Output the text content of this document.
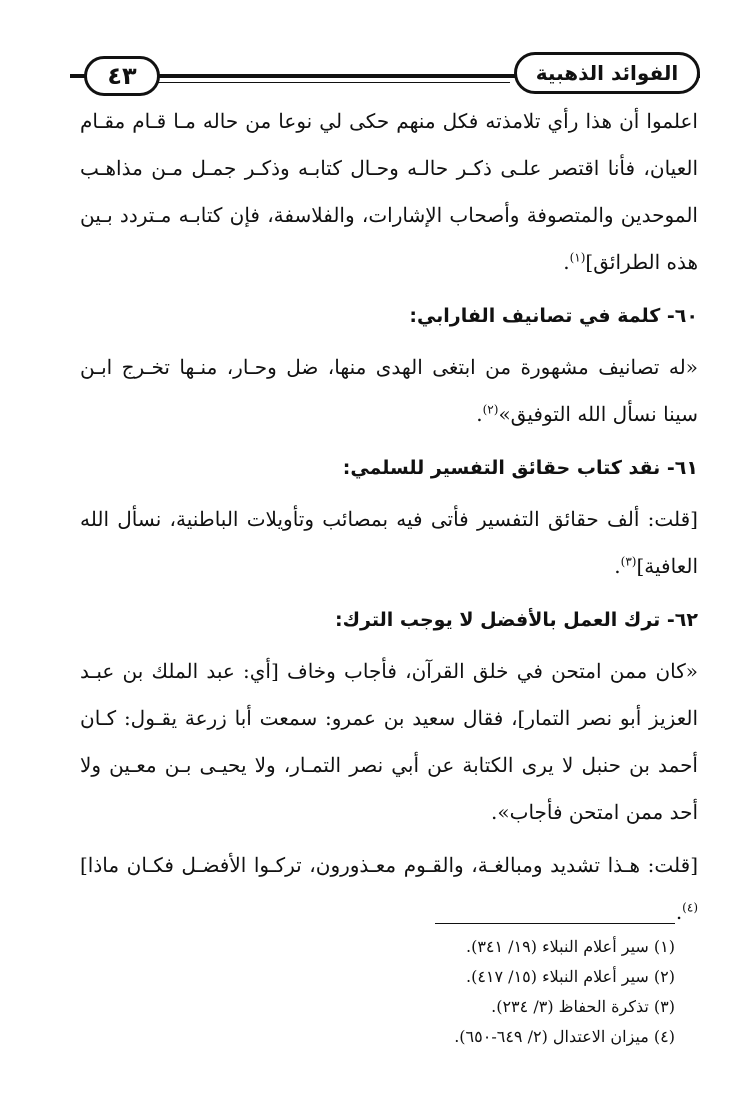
٤٣	الفوائد الذهبية

اعلموا أن هذا رأي تلامذته فكل منهم حكى لي نوعا من حاله مـا قـام مقـام العيان، فأنا اقتصر علـى ذكـر حالـه وحـال كتابـه وذكـر جمـل مـن مذاهـب الموحدين والمتصوفة وأصحاب الإشارات، والفلاسفة، فإن كتابـه مـتردد بـين هذه الطرائق]$^{(١)}$.

٦٠- كلمة في تصانيف الفارابي:

«له تصانيف مشهورة من ابتغى الهدى منها، ضل وحـار، منـها تخـرج ابـن سينا نسأل الله التوفيق»$^{(٢)}$.

٦١- نقد كتاب حقائق التفسير للسلمي:

[قلت: ألف حقائق التفسير فأتى فيه بمصائب وتأويلات الباطنية، نسأل الله العافية]$^{(٣)}$.

٦٢- ترك العمل بالأفضل لا يوجب الترك:

«كان ممن امتحن في خلق القرآن، فأجاب وخاف [أي: عبد الملك بن عبـد العزيز أبو نصر التمار]، فقال سعيد بن عمرو: سمعت أبا زرعة يقـول: كـان أحمد بن حنبل لا يرى الكتابة عن أبي نصر التمـار، ولا يحيـى بـن معـين ولا أحد ممن امتحن فأجاب».

[قلت: هـذا تشديد ومبالغـة، والقـوم معـذورون، تركـوا الأفضـل فكـان ماذا]$^{(٤)}$.

(١) سير أعلام النبلاء (١٩/ ٣٤١).

(٢) سير أعلام النبلاء (١٥/ ٤١٧).

(٣) تذكرة الحفاظ (٣/ ٢٣٤).

(٤) ميزان الاعتدال (٢/ ٦٤٩-٦٥٠).
